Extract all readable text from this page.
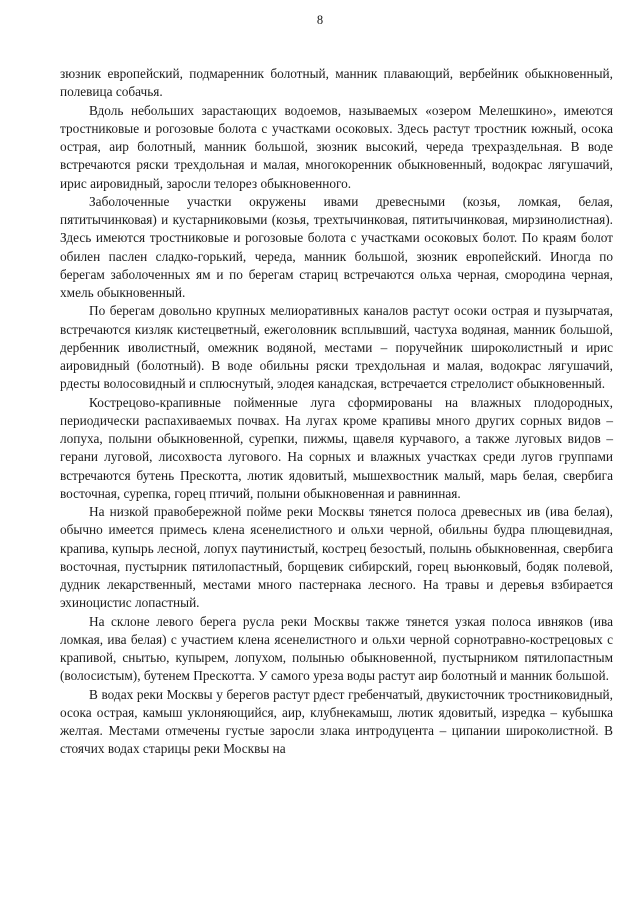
8

зюзник европейский, подмаренник болотный, манник плавающий, вербейник обыкновенный, полевица собачья.

Вдоль небольших зарастающих водоемов, называемых «озером Мелешкино», имеются тростниковые и рогозовые болота с участками осоковых. Здесь растут тростник южный, осока острая, аир болотный, манник большой, зюзник высокий, череда трехраздельная. В воде встречаются ряски трехдольная и малая, многокоренник обыкновенный, водокрас лягушачий, ирис аировидный, заросли телорез обыкновенного.

Заболоченные участки окружены ивами древесными (козья, ломкая, белая, пятитычинковая) и кустарниковыми (козья, трехтычинковая, пятитычинковая, мирзинолистная). Здесь имеются тростниковые и рогозовые болота с участками осоковых болот. По краям болот обилен паслен сладко-горький, череда, манник большой, зюзник европейский. Иногда по берегам заболоченных ям и по берегам стариц встречаются ольха черная, смородина черная, хмель обыкновенный.

По берегам довольно крупных мелиоративных каналов растут осоки острая и пузырчатая, встречаются кизляк кистецветный, ежеголовник всплывший, частуха водяная, манник большой, дербенник иволистный, омежник водяной, местами – поручейник широколистный и ирис аировидный (болотный). В воде обильны ряски трехдольная и малая, водокрас лягушачий, рдесты волосовидный и сплюснутый, элодея канадская, встречается стрелолист обыкновенный.

Кострецово-крапивные пойменные луга сформированы на влажных плодородных, периодически распахиваемых почвах. На лугах кроме крапивы много других сорных видов – лопуха, полыни обыкновенной, сурепки, пижмы, щавеля курчавого, а также луговых видов – герани луговой, лисохвоста лугового. На сорных и влажных участках среди лугов группами встречаются бутень Прескотта, лютик ядовитый, мышехвостник малый, марь белая, свербига восточная, сурепка, горец птичий, полыни обыкновенная и равнинная.

На низкой правобережной пойме реки Москвы тянется полоса древесных ив (ива белая), обычно имеется примесь клена ясенелистного и ольхи черной, обильны будра плющевидная, крапива, купырь лесной, лопух паутинистый, кострец безостый, полынь обыкновенная, свербига восточная, пустырник пятилопастный, борщевик сибирский, горец вьюнковый, бодяк полевой, дудник лекарственный, местами много пастернака лесного. На травы и деревья взбирается эхиноцистис лопастный.

На склоне левого берега русла реки Москвы также тянется узкая полоса ивняков (ива ломкая, ива белая) с участием клена ясенелистного и ольхи черной сорнотравно-кострецовых с крапивой, снытью, купырем, лопухом, полынью обыкновенной, пустырником пятилопастным (волосистым), бутенем Прескотта. У самого уреза воды растут аир болотный и манник большой.

В водах реки Москвы у берегов растут рдест гребенчатый, двукисточник тростниковидный, осока острая, камыш уклоняющийся, аир, клубнекамыш, лютик ядовитый, изредка – кубышка желтая. Местами отмечены густые заросли злака интродуцента – ципании широколистной. В стоячих водах старицы реки Москвы на
